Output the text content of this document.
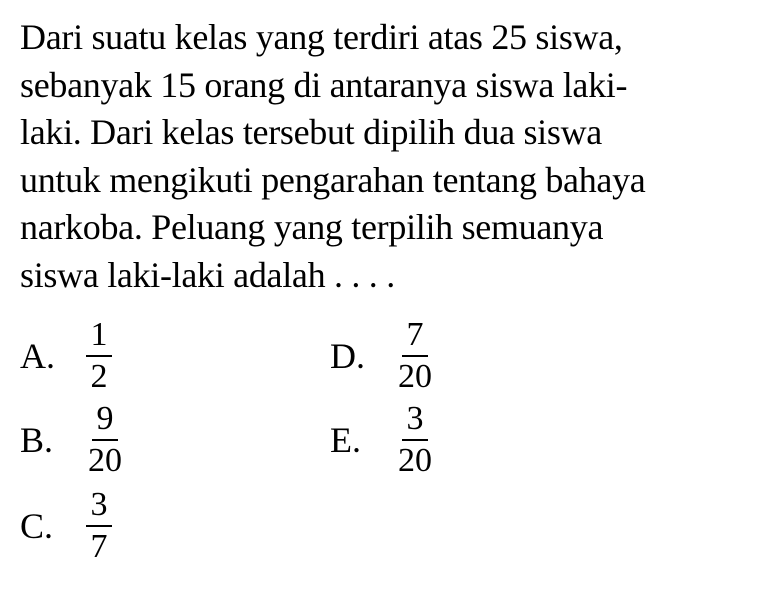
Dari suatu kelas yang terdiri atas 25 siswa,
sebanyak 15 orang di antaranya siswa laki-
laki. Dari kelas tersebut dipilih dua siswa
untuk mengikuti pengarahan tentang bahaya
narkoba. Peluang yang terpilih semuanya
siswa laki-laki adalah . . . .
A. $\frac{1}{2}$
B. $\frac{9}{20}$
C. $\frac{3}{7}$
D. $\frac{7}{20}$
E.	$\frac{3}{20}$
